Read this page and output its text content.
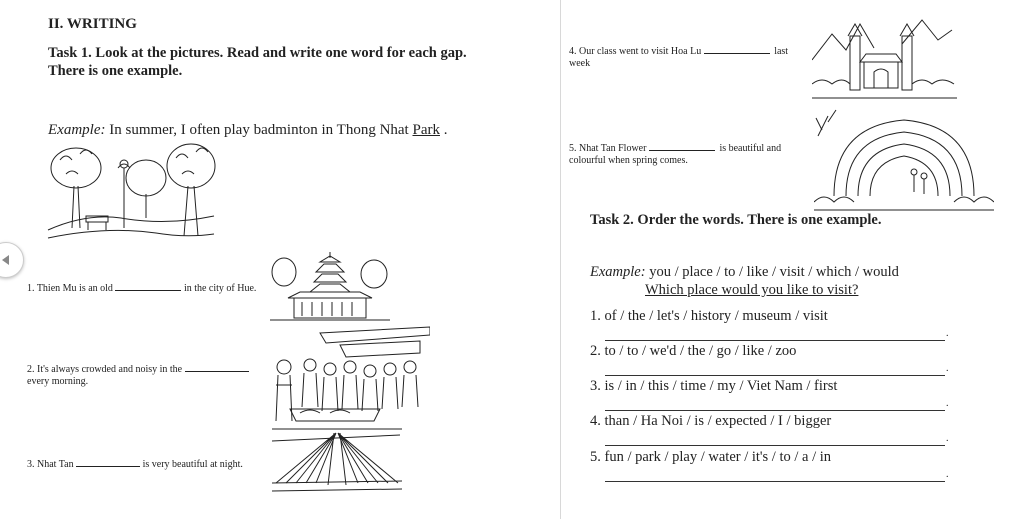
II. WRITING
Task 1. Look at the pictures. Read and write one word for each gap.
There is one example.
Example: In summer, I often play badminton in Thong Nhat Park .
1. Thien Mu is an old	in the city of Hue.
2. It's always crowded and noisy in the
every morning.
3. Nhat Tan	is very beautiful at night.
4. Our class went to visit Hoa Lu	last
week
5. Nhat Tan Flower	is beautiful and
colourful when spring comes.
Task 2. Order the words. There is one example.
Example: you / place / to / like / visit / which / would
Which place would you like to visit?
1. of / the / let's / history / museum / visit
.
2. to / to / we'd / the / go / like / zoo
.
3. is / in / this / time / my / Viet Nam / first
.
4. than / Ha Noi / is / expected / I / bigger
.
5. fun / park / play / water / it's / to / a / in
.
